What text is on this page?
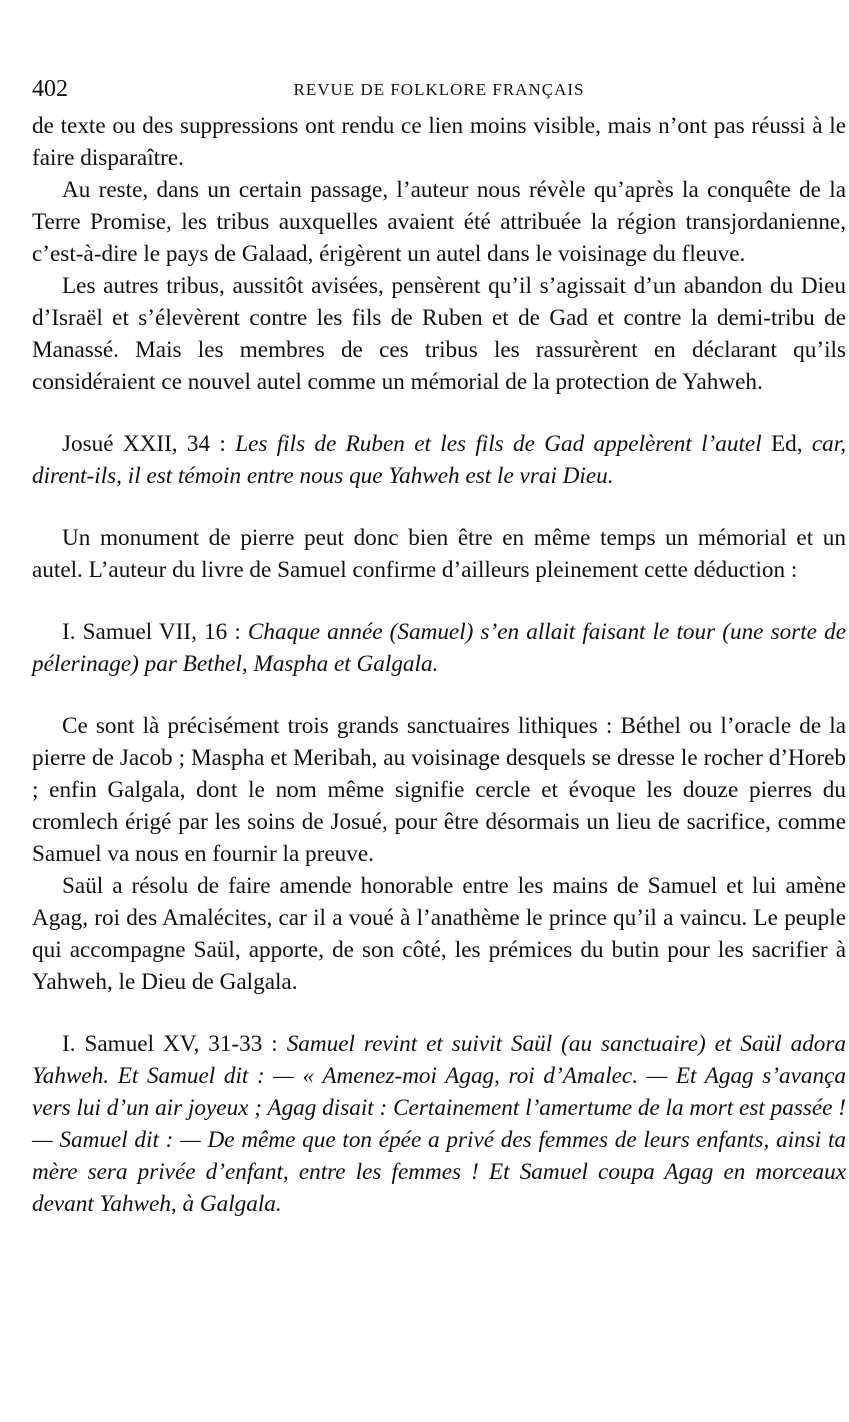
402	REVUE DE FOLKLORE FRANÇAIS

de texte ou des suppressions ont rendu ce lien moins visible, mais n’ont pas réussi à le faire disparaître.

Au reste, dans un certain passage, l’auteur nous révèle qu’après la conquête de la Terre Promise, les tribus auxquelles avaient été attribuée la région transjordanienne, c’est-à-dire le pays de Galaad, érigèrent un autel dans le voisinage du fleuve.

Les autres tribus, aussitôt avisées, pensèrent qu’il s’agissait d’un abandon du Dieu d’Israël et s’élevèrent contre les fils de Ruben et de Gad et contre la demi-tribu de Manassé. Mais les membres de ces tribus les rassurèrent en déclarant qu’ils considéraient ce nouvel autel comme un mémorial de la protection de Yahweh.

Josué XXII, 34 : Les fils de Ruben et les fils de Gad appelèrent l’autel Ed, car, dirent-ils, il est témoin entre nous que Yahweh est le vrai Dieu.

Un monument de pierre peut donc bien être en même temps un mémorial et un autel. L’auteur du livre de Samuel confirme d’ailleurs pleinement cette déduction :

I. Samuel VII, 16 : Chaque année (Samuel) s’en allait faisant le tour (une sorte de pélerinage) par Bethel, Maspha et Galgala.

Ce sont là précisément trois grands sanctuaires lithiques : Béthel ou l’oracle de la pierre de Jacob ; Maspha et Meribah, au voisinage desquels se dresse le rocher d’Horeb ; enfin Galgala, dont le nom même signifie cercle et évoque les douze pierres du cromlech érigé par les soins de Josué, pour être désormais un lieu de sacrifice, comme Samuel va nous en fournir la preuve.

Saül a résolu de faire amende honorable entre les mains de Samuel et lui amène Agag, roi des Amalécites, car il a voué à l’anathème le prince qu’il a vaincu. Le peuple qui accompagne Saül, apporte, de son côté, les prémices du butin pour les sacrifier à Yahweh, le Dieu de Galgala.

I. Samuel XV, 31-33 : Samuel revint et suivit Saül (au sanctuaire) et Saül adora Yahweh. Et Samuel dit : — « Amenez-moi Agag, roi d’Amalec. — Et Agag s’avança vers lui d’un air joyeux ; Agag disait : Certainement l’amertume de la mort est passée ! — Samuel dit : — De même que ton épée a privé des femmes de leurs enfants, ainsi ta mère sera privée d’enfant, entre les femmes ! Et Samuel coupa Agag en morceaux devant Yahweh, à Galgala.
